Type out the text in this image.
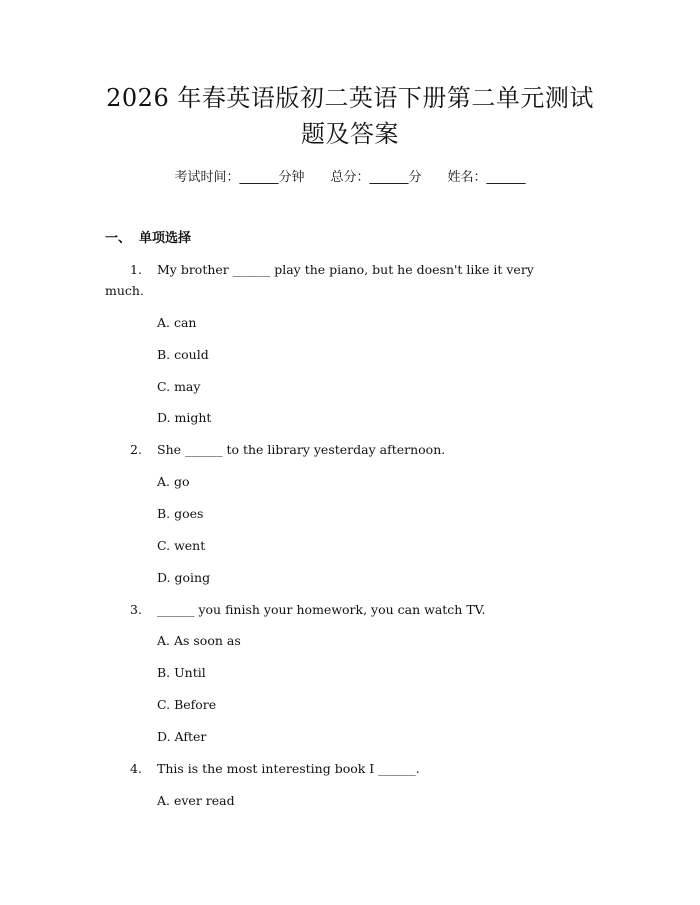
2026 年春英语版初二英语下册第二单元测试
题及答案
考试时间：______分钟 总分：______分 姓名：______
一、 单项选择
1. My brother ______ play the piano, but he doesn't like it very
much.
A. can
B. could
C. may
D. might
2. She ______ to the library yesterday afternoon.
A. go
B. goes
C. went
D. going
3. ______ you finish your homework, you can watch TV.
A. As soon as
B. Until
C. Before
D. After
4. This is the most interesting book I ______.
A. ever read
